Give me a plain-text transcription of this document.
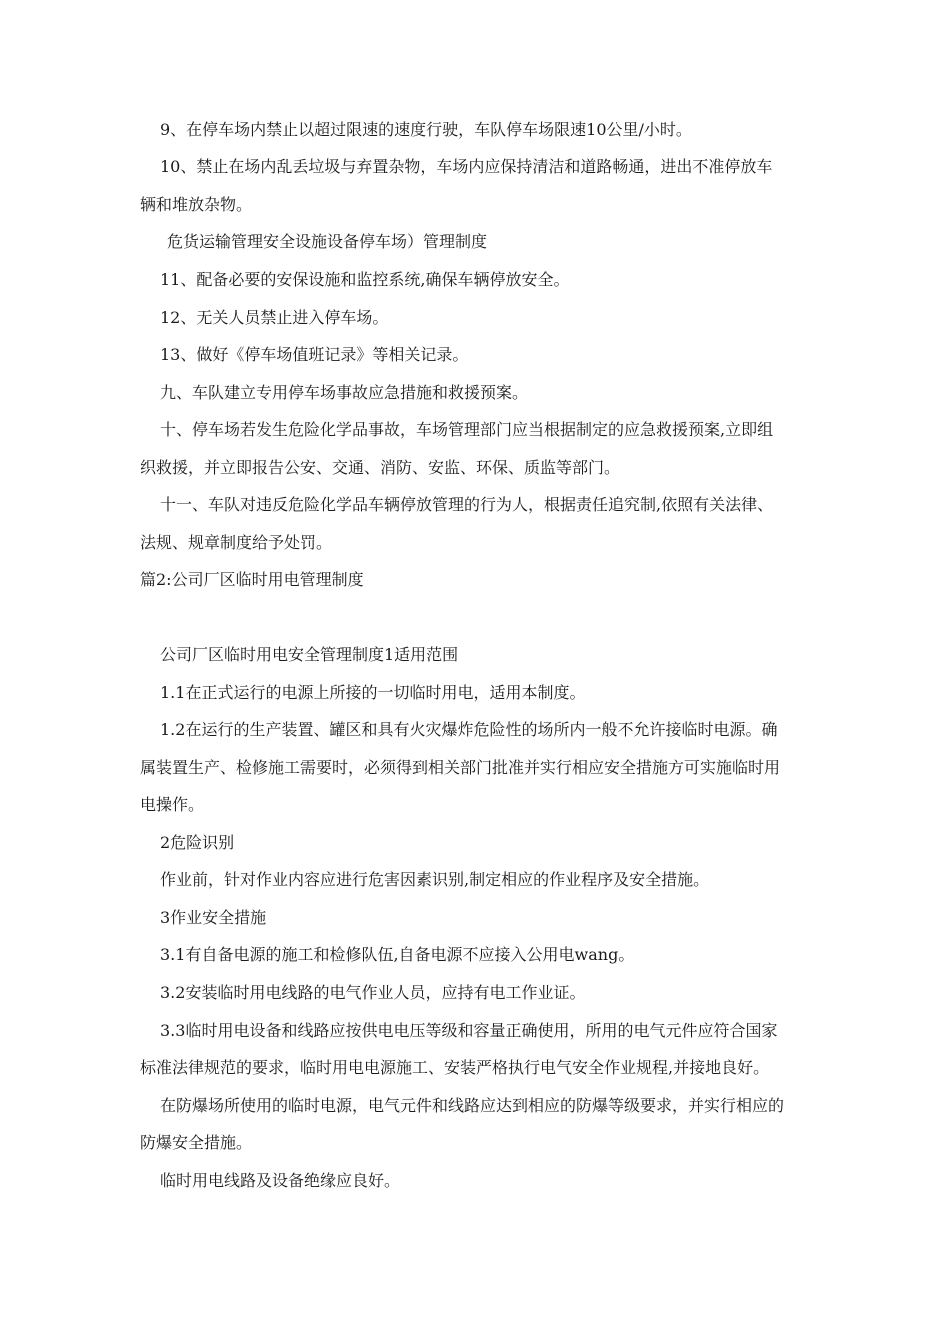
9、在停车场内禁止以超过限速的速度行驶，车队停车场限速10公里/小时。
10、禁止在场内乱丢垃圾与弃置杂物，车场内应保持清洁和道路畅通，进出不准停放车
辆和堆放杂物。
危货运输管理安全设施设备停车场）管理制度
11、配备必要的安保设施和监控系统,确保车辆停放安全。
12、无关人员禁止进入停车场。
13、做好《停车场值班记录》等相关记录。
九、车队建立专用停车场事故应急措施和救援预案。
十、停车场若发生危险化学品事故，车场管理部门应当根据制定的应急救援预案,立即组
织救援，并立即报告公安、交通、消防、安监、环保、质监等部门。
十一、车队对违反危险化学品车辆停放管理的行为人，根据责任追究制,依照有关法律、
法规、规章制度给予处罚。
篇2:公司厂区临时用电管理制度
公司厂区临时用电安全管理制度1适用范围
1.1在正式运行的电源上所接的一切临时用电，适用本制度。
1.2在运行的生产装置、罐区和具有火灾爆炸危险性的场所内一般不允许接临时电源。确
属装置生产、检修施工需要时，必须得到相关部门批准并实行相应安全措施方可实施临时用
电操作。
2危险识别
作业前，针对作业内容应进行危害因素识别,制定相应的作业程序及安全措施。
3作业安全措施
3.1有自备电源的施工和检修队伍,自备电源不应接入公用电wang。
3.2安装临时用电线路的电气作业人员，应持有电工作业证。
3.3临时用电设备和线路应按供电电压等级和容量正确使用，所用的电气元件应符合国家
标准法律规范的要求，临时用电电源施工、安装严格执行电气安全作业规程,并接地良好。
在防爆场所使用的临时电源，电气元件和线路应达到相应的防爆等级要求，并实行相应的
防爆安全措施。
临时用电线路及设备绝缘应良好。
